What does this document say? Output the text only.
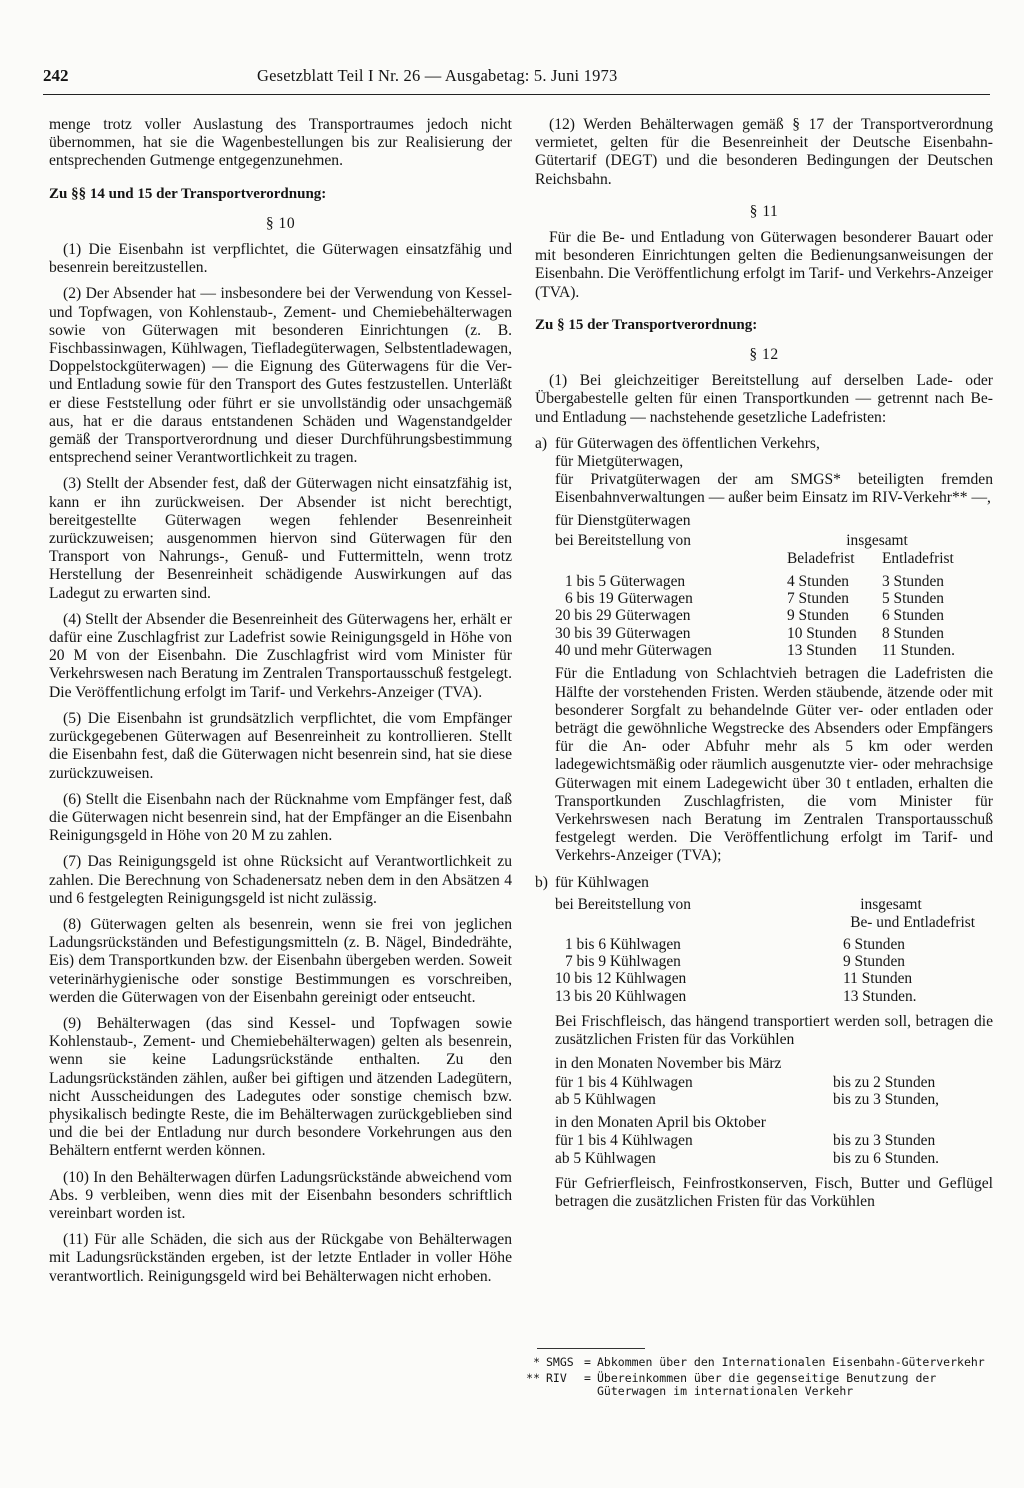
242	Gesetzblatt Teil I Nr. 26 — Ausgabetag: 5. Juni 1973

menge trotz voller Auslastung des Transportraumes jedoch nicht übernommen, hat sie die Wagenbestellungen bis zur Realisierung der entsprechenden Gutmenge entgegenzunehmen.

Zu §§ 14 und 15 der Transportverordnung:
§ 10

(1) Die Eisenbahn ist verpflichtet, die Güterwagen einsatzfähig und besenrein bereitzustellen.

(2) Der Absender hat — insbesondere bei der Verwendung von Kessel- und Topfwagen, von Kohlenstaub-, Zement- und Chemiebehälterwagen sowie von Güterwagen mit besonderen Einrichtungen (z. B. Fischbassinwagen, Kühlwagen, Tiefladegüterwagen, Selbstentladewagen, Doppelstockgüterwagen) — die Eignung des Güterwagens für die Ver- und Entladung sowie für den Transport des Gutes festzustellen. Unterläßt er diese Feststellung oder führt er sie unvollständig oder unsachgemäß aus, hat er die daraus entstandenen Schäden und Wagenstandgelder gemäß der Transportverordnung und dieser Durchführungsbestimmung entsprechend seiner Verantwortlichkeit zu tragen.

(3) Stellt der Absender fest, daß der Güterwagen nicht einsatzfähig ist, kann er ihn zurückweisen. Der Absender ist nicht berechtigt, bereitgestellte Güterwagen wegen fehlender Besenreinheit zurückzuweisen; ausgenommen hiervon sind Güterwagen für den Transport von Nahrungs-, Genuß- und Futtermitteln, wenn trotz Herstellung der Besenreinheit schädigende Auswirkungen auf das Ladegut zu erwarten sind.

(4) Stellt der Absender die Besenreinheit des Güterwagens her, erhält er dafür eine Zuschlagfrist zur Ladefrist sowie Reinigungsgeld in Höhe von 20 M von der Eisenbahn. Die Zuschlagfrist wird vom Minister für Verkehrswesen nach Beratung im Zentralen Transportausschuß festgelegt. Die Veröffentlichung erfolgt im Tarif- und Verkehrs-Anzeiger (TVA).

(5) Die Eisenbahn ist grundsätzlich verpflichtet, die vom Empfänger zurückgegebenen Güterwagen auf Besenreinheit zu kontrollieren. Stellt die Eisenbahn fest, daß die Güterwagen nicht besenrein sind, hat sie diese zurückzuweisen.

(6) Stellt die Eisenbahn nach der Rücknahme vom Empfänger fest, daß die Güterwagen nicht besenrein sind, hat der Empfänger an die Eisenbahn Reinigungsgeld in Höhe von 20 M zu zahlen.

(7) Das Reinigungsgeld ist ohne Rücksicht auf Verantwortlichkeit zu zahlen. Die Berechnung von Schadenersatz neben dem in den Absätzen 4 und 6 festgelegten Reinigungsgeld ist nicht zulässig.

(8) Güterwagen gelten als besenrein, wenn sie frei von jeglichen Ladungsrückständen und Befestigungsmitteln (z. B. Nägel, Bindedrähte, Eis) dem Transportkunden bzw. der Eisenbahn übergeben werden. Soweit veterinärhygienische oder sonstige Bestimmungen es vorschreiben, werden die Güterwagen von der Eisenbahn gereinigt oder entseucht.

(9) Behälterwagen (das sind Kessel- und Topfwagen sowie Kohlenstaub-, Zement- und Chemiebehälterwagen) gelten als besenrein, wenn sie keine Ladungsrückstände enthalten. Zu den Ladungsrückständen zählen, außer bei giftigen und ätzenden Ladegütern, nicht Ausscheidungen des Ladegutes oder sonstige chemisch bzw. physikalisch bedingte Reste, die im Behälterwagen zurückgeblieben sind und die bei der Entladung nur durch besondere Vorkehrungen aus den Behältern entfernt werden können.

(10) In den Behälterwagen dürfen Ladungsrückstände abweichend vom Abs. 9 verbleiben, wenn dies mit der Eisenbahn besonders schriftlich vereinbart worden ist.

(11) Für alle Schäden, die sich aus der Rückgabe von Behälterwagen mit Ladungsrückständen ergeben, ist der letzte Entlader in voller Höhe verantwortlich. Reinigungsgeld wird bei Behälterwagen nicht erhoben.

(12) Werden Behälterwagen gemäß § 17 der Transportverordnung vermietet, gelten für die Besenreinheit der Deutsche Eisenbahn-Gütertarif (DEGT) und die besonderen Bedingungen der Deutschen Reichsbahn.

§ 11

Für die Be- und Entladung von Güterwagen besonderer Bauart oder mit besonderen Einrichtungen gelten die Bedienungsanweisungen der Eisenbahn. Die Veröffentlichung erfolgt im Tarif- und Verkehrs-Anzeiger (TVA).

Zu § 15 der Transportverordnung:
§ 12

(1) Bei gleichzeitiger Bereitstellung auf derselben Lade- oder Übergabestelle gelten für einen Transportkunden — getrennt nach Be- und Entladung — nachstehende gesetzliche Ladefristen:

a) für Güterwagen des öffentlichen Verkehrs,

für Mietgüterwagen,

für Privatgüterwagen der am SMGS* beteiligten fremden Eisenbahnverwaltungen — außer beim Einsatz im RIV-Verkehr** —,

für Dienstgüterwagen

bei Bereitstellung von	insgesamt	
	Beladefrist	Entladefrist

1 bis 5 Güterwagen	4 Stunden	3 Stunden
6 bis 19 Güterwagen	7 Stunden	5 Stunden
20 bis 29 Güterwagen	9 Stunden	6 Stunden
30 bis 39 Güterwagen	10 Stunden	8 Stunden
40 und mehr Güterwagen	13 Stunden	11 Stunden.

Für die Entladung von Schlachtvieh betragen die Ladefristen die Hälfte der vorstehenden Fristen. Werden stäubende, ätzende oder mit besonderer Sorgfalt zu behandelnde Güter ver- oder entladen oder beträgt die gewöhnliche Wegstrecke des Absenders oder Empfängers für die An- oder Abfuhr mehr als 5 km oder werden ladegewichtsmäßig oder räumlich ausgenutzte vier- oder mehrachsige Güterwagen mit einem Ladegewicht über 30 t entladen, erhalten die Transportkunden Zuschlagfristen, die vom Minister für Verkehrswesen nach Beratung im Zentralen Transportausschuß festgelegt werden. Die Veröffentlichung erfolgt im Tarif- und Verkehrs-Anzeiger (TVA);

b) für Kühlwagen

bei Bereitstellung von	insgesamt
	Be- und Entladefrist

1 bis 6 Kühlwagen	6 Stunden
7 bis 9 Kühlwagen	9 Stunden
10 bis 12 Kühlwagen	11 Stunden
13 bis 20 Kühlwagen	13 Stunden.

Bei Frischfleisch, das hängend transportiert werden soll, betragen die zusätzlichen Fristen für das Vorkühlen

in den Monaten November bis März

für 1 bis 4 Kühlwagen	bis zu 2 Stunden
ab 5 Kühlwagen	bis zu 3 Stunden,

in den Monaten April bis Oktober

für 1 bis 4 Kühlwagen	bis zu 3 Stunden
ab 5 Kühlwagen	bis zu 6 Stunden.

Für Gefrierfleisch, Feinfrostkonserven, Fisch, Butter und Geflügel betragen die zusätzlichen Fristen für das Vorkühlen

* SMGS = Abkommen über den Internationalen Eisenbahn-Güterverkehr
** RIV = Übereinkommen über die gegenseitige Benutzung der Güterwagen im internationalen Verkehr
